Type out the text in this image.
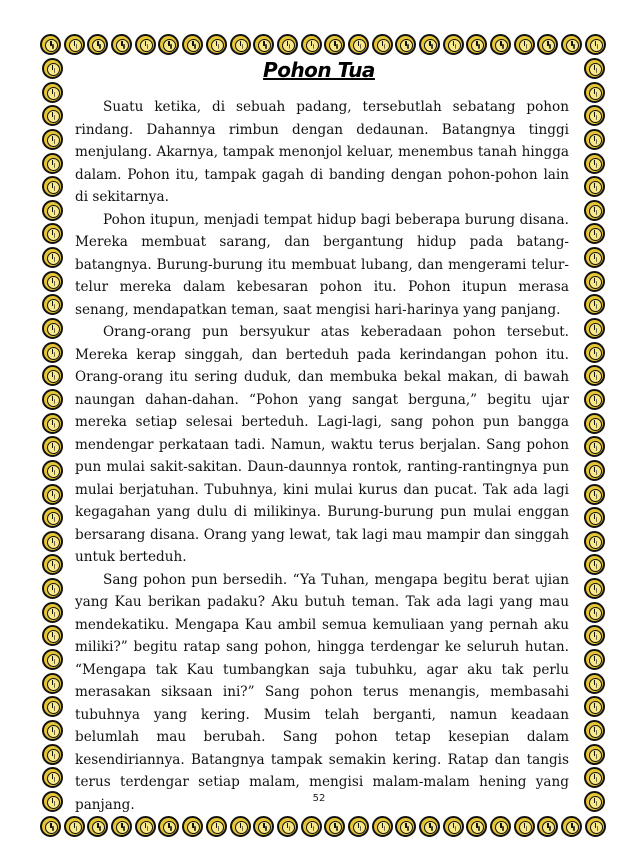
Pohon Tua

Suatu ketika, di sebuah padang, tersebutlah sebatang pohon rindang. Dahannya rimbun dengan dedaunan. Batangnya tinggi menjulang. Akarnya, tampak menonjol keluar, menembus tanah hingga dalam. Pohon itu, tampak gagah di banding dengan pohon-pohon lain di sekitarnya.

Pohon itupun, menjadi tempat hidup bagi beberapa burung disana. Mereka membuat sarang, dan bergantung hidup pada batang-batangnya. Burung-burung itu membuat lubang, dan mengerami telur-telur mereka dalam kebesaran pohon itu. Pohon itupun merasa senang, mendapatkan teman, saat mengisi hari-harinya yang panjang.

Orang-orang pun bersyukur atas keberadaan pohon tersebut. Mereka kerap singgah, dan berteduh pada kerindangan pohon itu. Orang-orang itu sering duduk, dan membuka bekal makan, di bawah naungan dahan-dahan. “Pohon yang sangat berguna,” begitu ujar mereka setiap selesai berteduh. Lagi-lagi, sang pohon pun bangga mendengar perkataan tadi. Namun, waktu terus berjalan. Sang pohon pun mulai sakit-sakitan. Daun-daunnya rontok, ranting-rantingnya pun mulai berjatuhan. Tubuhnya, kini mulai kurus dan pucat. Tak ada lagi kegagahan yang dulu di milikinya. Burung-burung pun mulai enggan bersarang disana. Orang yang lewat, tak lagi mau mampir dan singgah untuk berteduh.

Sang pohon pun bersedih. “Ya Tuhan, mengapa begitu berat ujian yang Kau berikan padaku? Aku butuh teman. Tak ada lagi yang mau mendekatiku. Mengapa Kau ambil semua kemuliaan yang pernah aku miliki?” begitu ratap sang pohon, hingga terdengar ke seluruh hutan. “Mengapa tak Kau tumbangkan saja tubuhku, agar aku tak perlu merasakan siksaan ini?” Sang pohon terus menangis, membasahi tubuhnya yang kering. Musim telah berganti, namun keadaan belumlah mau berubah. Sang pohon tetap kesepian dalam kesendiriannya. Batangnya tampak semakin kering. Ratap dan tangis terus terdengar setiap malam, mengisi malam-malam hening yang panjang.	52
